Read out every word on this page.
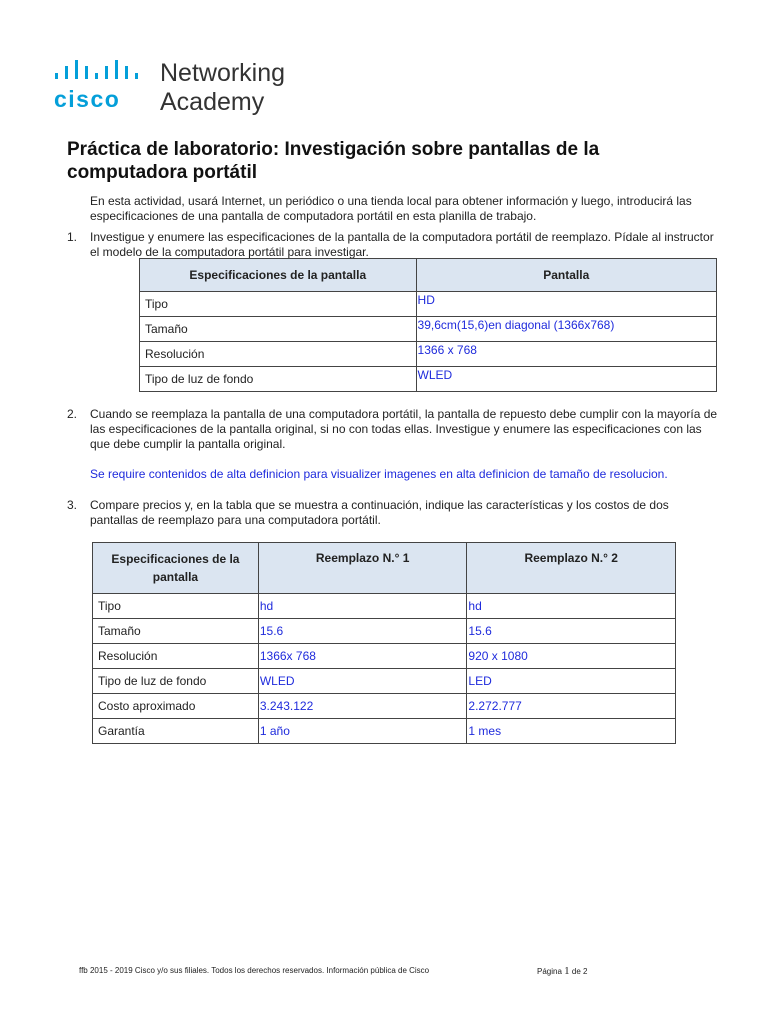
cisco
Networking
Academy
Práctica de laboratorio: Investigación sobre pantallas de la computadora portátil
En esta actividad, usará Internet, un periódico o una tienda local para obtener información y luego, introducirá las especificaciones de una pantalla de computadora portátil en esta planilla de trabajo.
1. Investigue y enumere las especificaciones de la pantalla de la computadora portátil de reemplazo. Pídale al instructor el modelo de la computadora portátil para investigar.
Especificaciones de la pantalla	Pantalla
Tipo	HD
Tamaño	39,6cm(15,6)en diagonal (1366x768)
Resolución	1366 x 768
Tipo de luz de fondo	WLED
2. Cuando se reemplaza la pantalla de una computadora portátil, la pantalla de repuesto debe cumplir con la mayoría de las especificaciones de la pantalla original, si no con todas ellas. Investigue y enumere las especificaciones con las que debe cumplir la pantalla original.
Se require contenidos de alta definicion para visualizer imagenes en alta definicion de tamaño de resolucion.
3. Compare precios y, en la tabla que se muestra a continuación, indique las características y los costos de dos pantallas de reemplazo para una computadora portátil.
Especificaciones de la pantalla	Reemplazo N.° 1	Reemplazo N.° 2
Tipo	hd	hd
Tamaño	15.6	15.6
Resolución	1366x 768	920 x 1080
Tipo de luz de fondo	WLED	LED
Costo aproximado	3.243.122	2.272.777
Garantía	1 año	1 mes
ffb 2015 - 2019 Cisco y/o sus filiales. Todos los derechos reservados. Información pública de Cisco	Página 1 de 2
